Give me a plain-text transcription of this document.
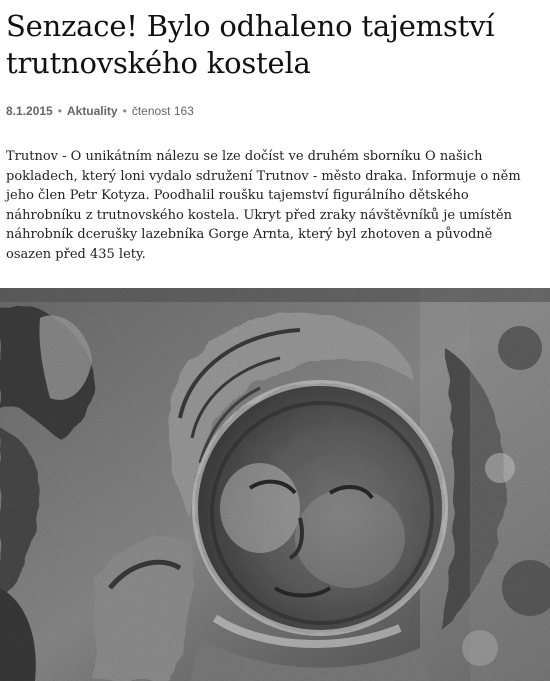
Senzace! Bylo odhaleno tajemství trutnovského kostela
8.1.2015 • Aktuality • čtenost 163

Trutnov - O unikátním nálezu se lze dočíst ve druhém sborníku O našich pokladech, který loni vydalo sdružení Trutnov - město draka. Informuje o něm jeho člen Petr Kotyza. Poodhalil roušku tajemství figurálního dětského náhrobníku z trutnovského kostela. Ukryt před zraky návštěvníků je umístěn náhrobník dcerušky lazebníka Gorge Arnta, který byl zhotoven a původně osazen před 435 lety.
